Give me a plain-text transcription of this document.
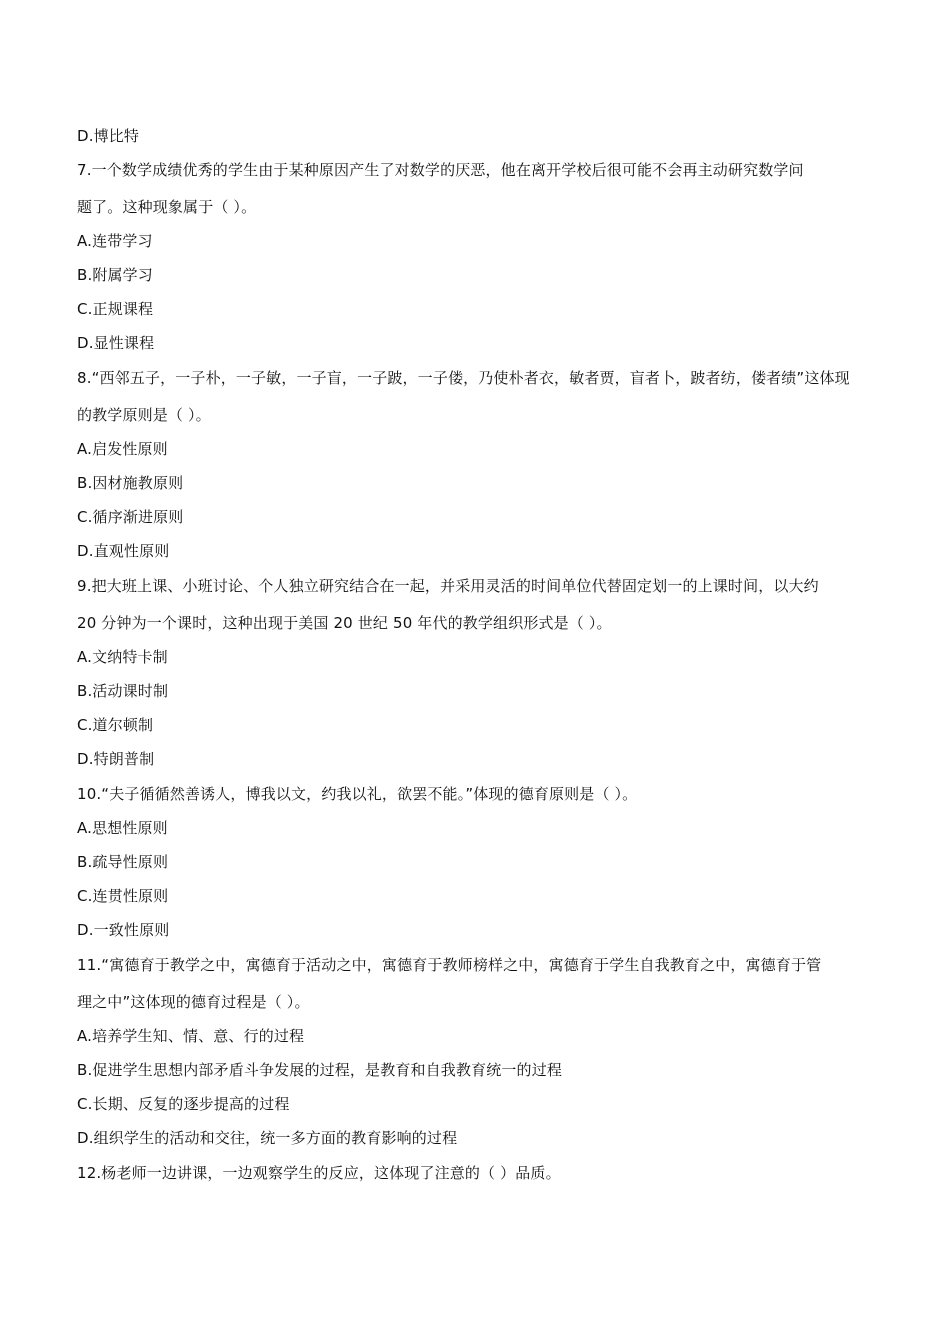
D.博比特
7.一个数学成绩优秀的学生由于某种原因产生了对数学的厌恶，他在离开学校后很可能不会再主动研究数学问
题了。这种现象属于（ ）。
A.连带学习
B.附属学习
C.正规课程
D.显性课程
8.“西邻五子，一子朴，一子敏，一子盲，一子跛，一子偻，乃使朴者衣，敏者贾，盲者卜，跛者纺，偻者绩”这体现
的教学原则是（ ）。
A.启发性原则
B.因材施教原则
C.循序渐进原则
D.直观性原则
9.把大班上课、小班讨论、个人独立研究结合在一起，并采用灵活的时间单位代替固定划一的上课时间，以大约
20 分钟为一个课时，这种出现于美国 20 世纪 50 年代的教学组织形式是（ ）。
A.文纳特卡制
B.活动课时制
C.道尔顿制
D.特朗普制
10.“夫子循循然善诱人，博我以文，约我以礼，欲罢不能。”体现的德育原则是（ ）。
A.思想性原则
B.疏导性原则
C.连贯性原则
D.一致性原则
11.“寓德育于教学之中，寓德育于活动之中，寓德育于教师榜样之中，寓德育于学生自我教育之中，寓德育于管
理之中”这体现的德育过程是（ ）。
A.培养学生知、情、意、行的过程
B.促进学生思想内部矛盾斗争发展的过程，是教育和自我教育统一的过程
C.长期、反复的逐步提高的过程
D.组织学生的活动和交往，统一多方面的教育影响的过程
12.杨老师一边讲课，一边观察学生的反应，这体现了注意的（ ）品质。
